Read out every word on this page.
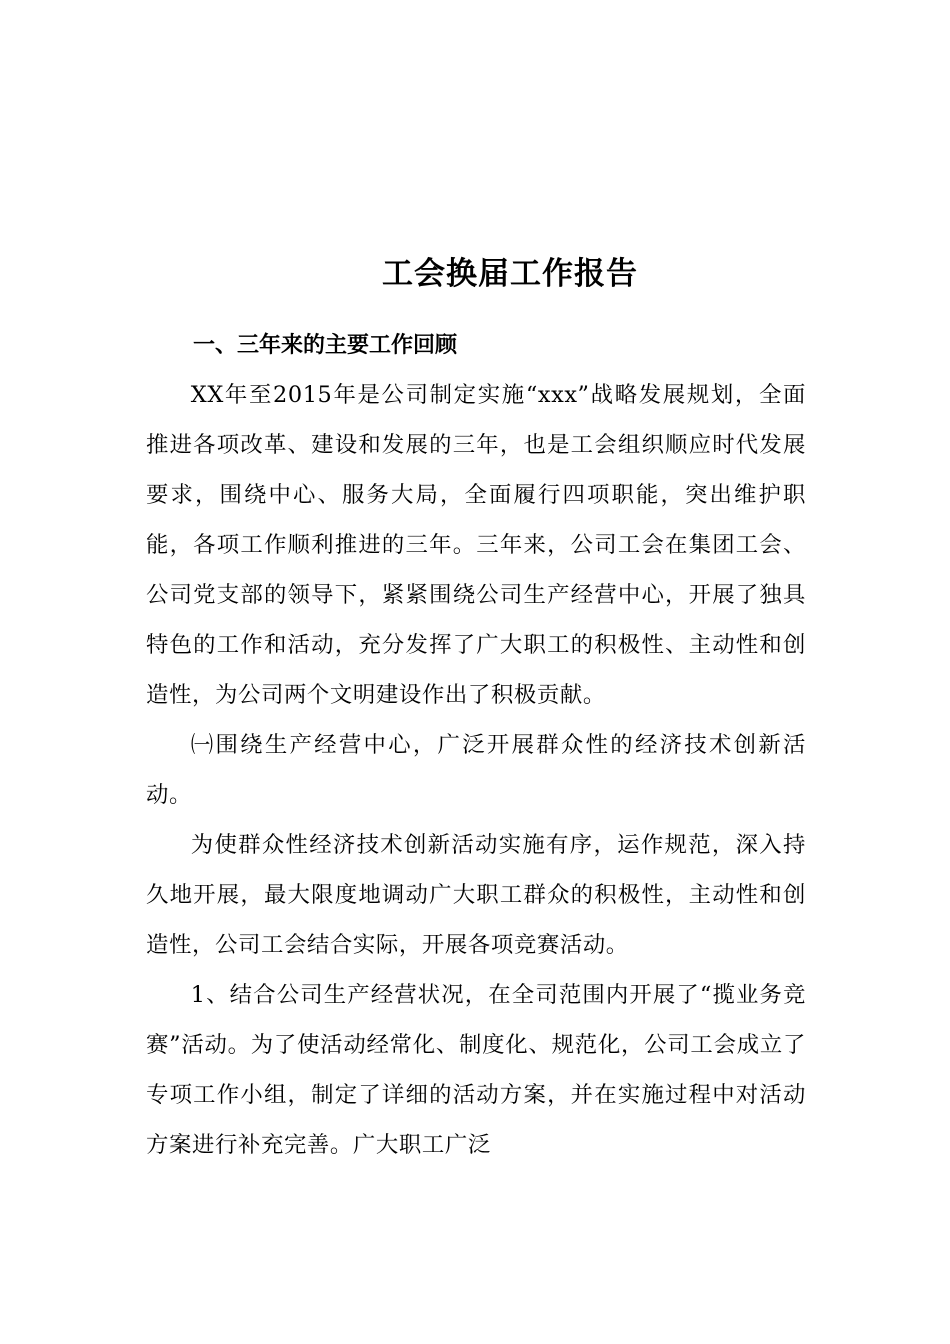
工会换届工作报告
一、三年来的主要工作回顾

XX年至2015年是公司制定实施“xxx”战略发展规划，全面推进各项改革、建设和发展的三年，也是工会组织顺应时代发展要求，围绕中心、服务大局，全面履行四项职能，突出维护职能，各项工作顺利推进的三年。三年来，公司工会在集团工会、公司党支部的领导下，紧紧围绕公司生产经营中心，开展了独具特色的工作和活动，充分发挥了广大职工的积极性、主动性和创造性，为公司两个文明建设作出了积极贡献。

㈠围绕生产经营中心，广泛开展群众性的经济技术创新活动。

为使群众性经济技术创新活动实施有序，运作规范，深入持久地开展，最大限度地调动广大职工群众的积极性，主动性和创造性，公司工会结合实际，开展各项竞赛活动。

1、结合公司生产经营状况，在全司范围内开展了“揽业务竞赛”活动。为了使活动经常化、制度化、规范化，公司工会成立了专项工作小组，制定了详细的活动方案，并在实施过程中对活动方案进行补充完善。广大职工广泛
